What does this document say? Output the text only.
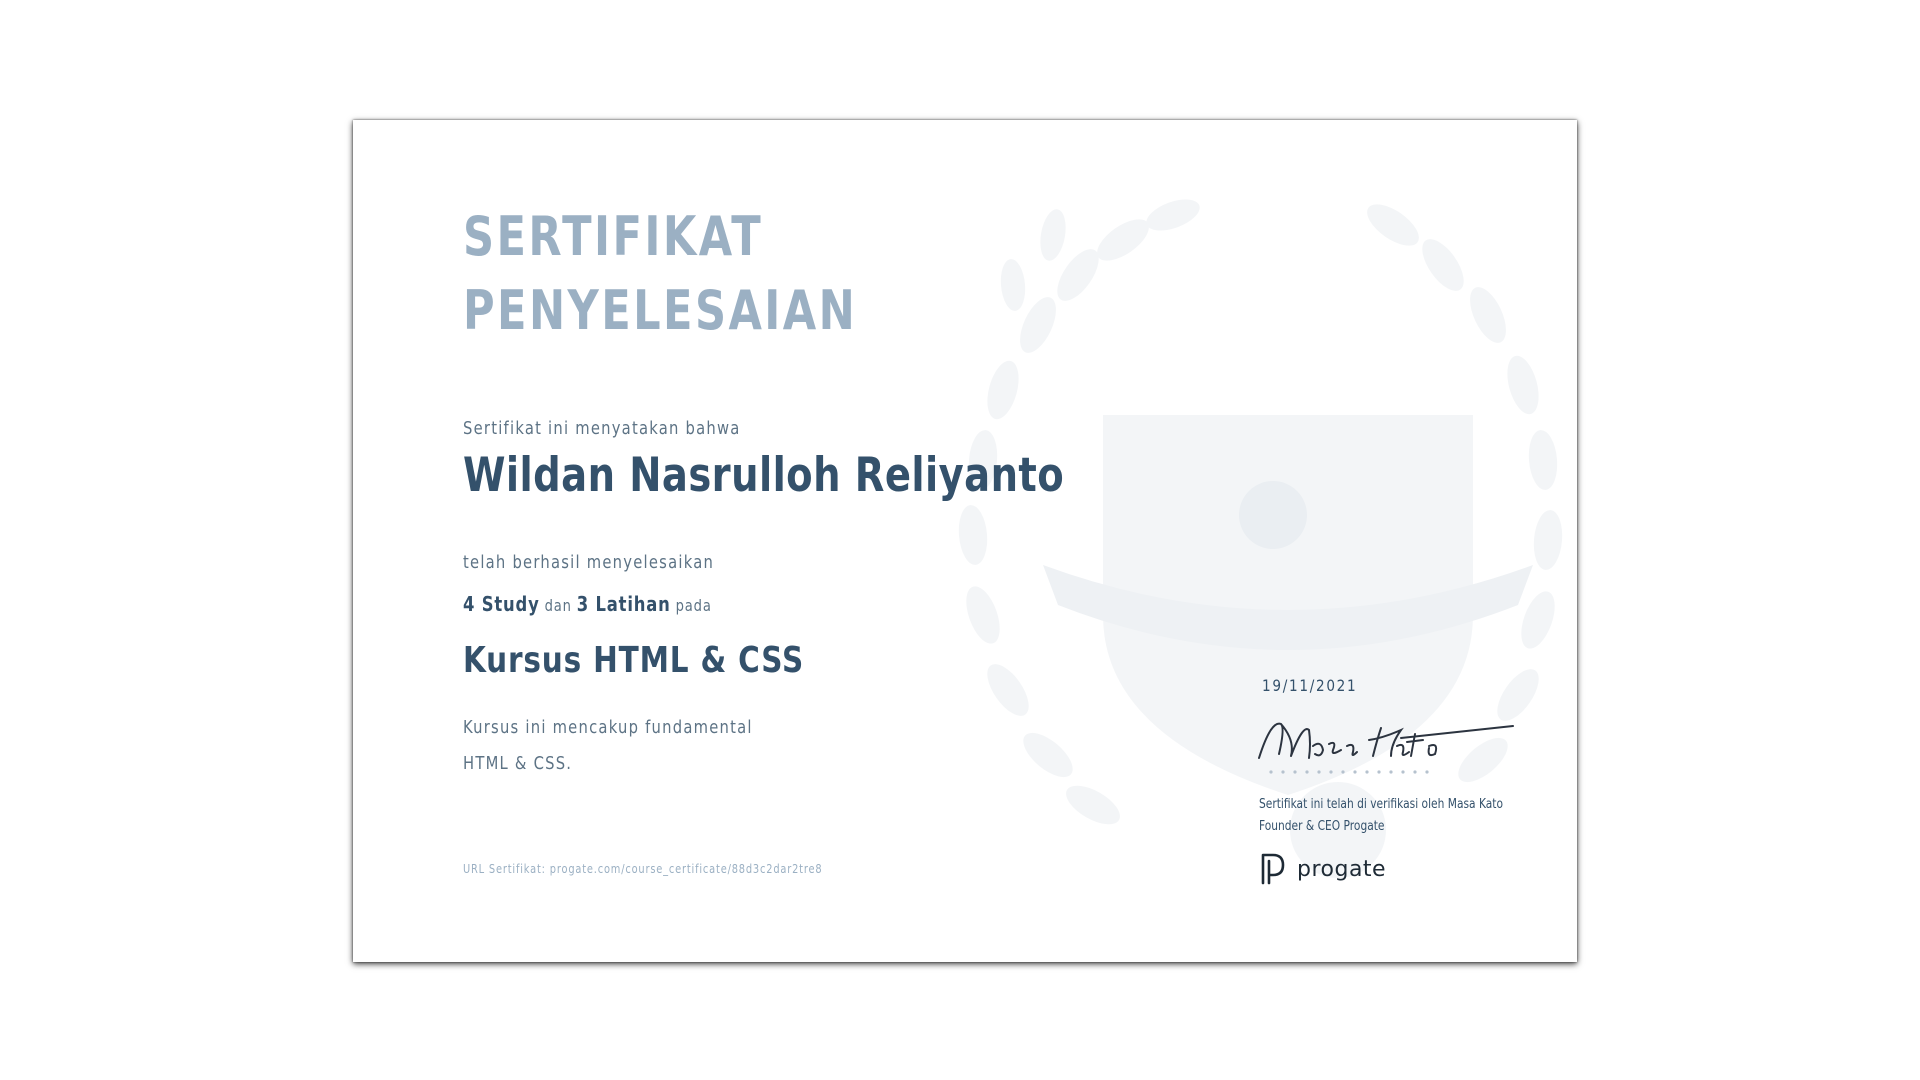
SERTIFIKAT
PENYELESAIAN
Sertifikat ini menyatakan bahwa
Wildan Nasrulloh Reliyanto
telah berhasil menyelesaikan
4 Study dan 3 Latihan pada
Kursus HTML & CSS
Kursus ini mencakup fundamental HTML & CSS.
URL Sertifikat: progate.com/course_certificate/88d3c2dar2tre8
19/11/2021
Sertifikat ini telah di verifikasi oleh Masa Kato
Founder & CEO Progate
progate
